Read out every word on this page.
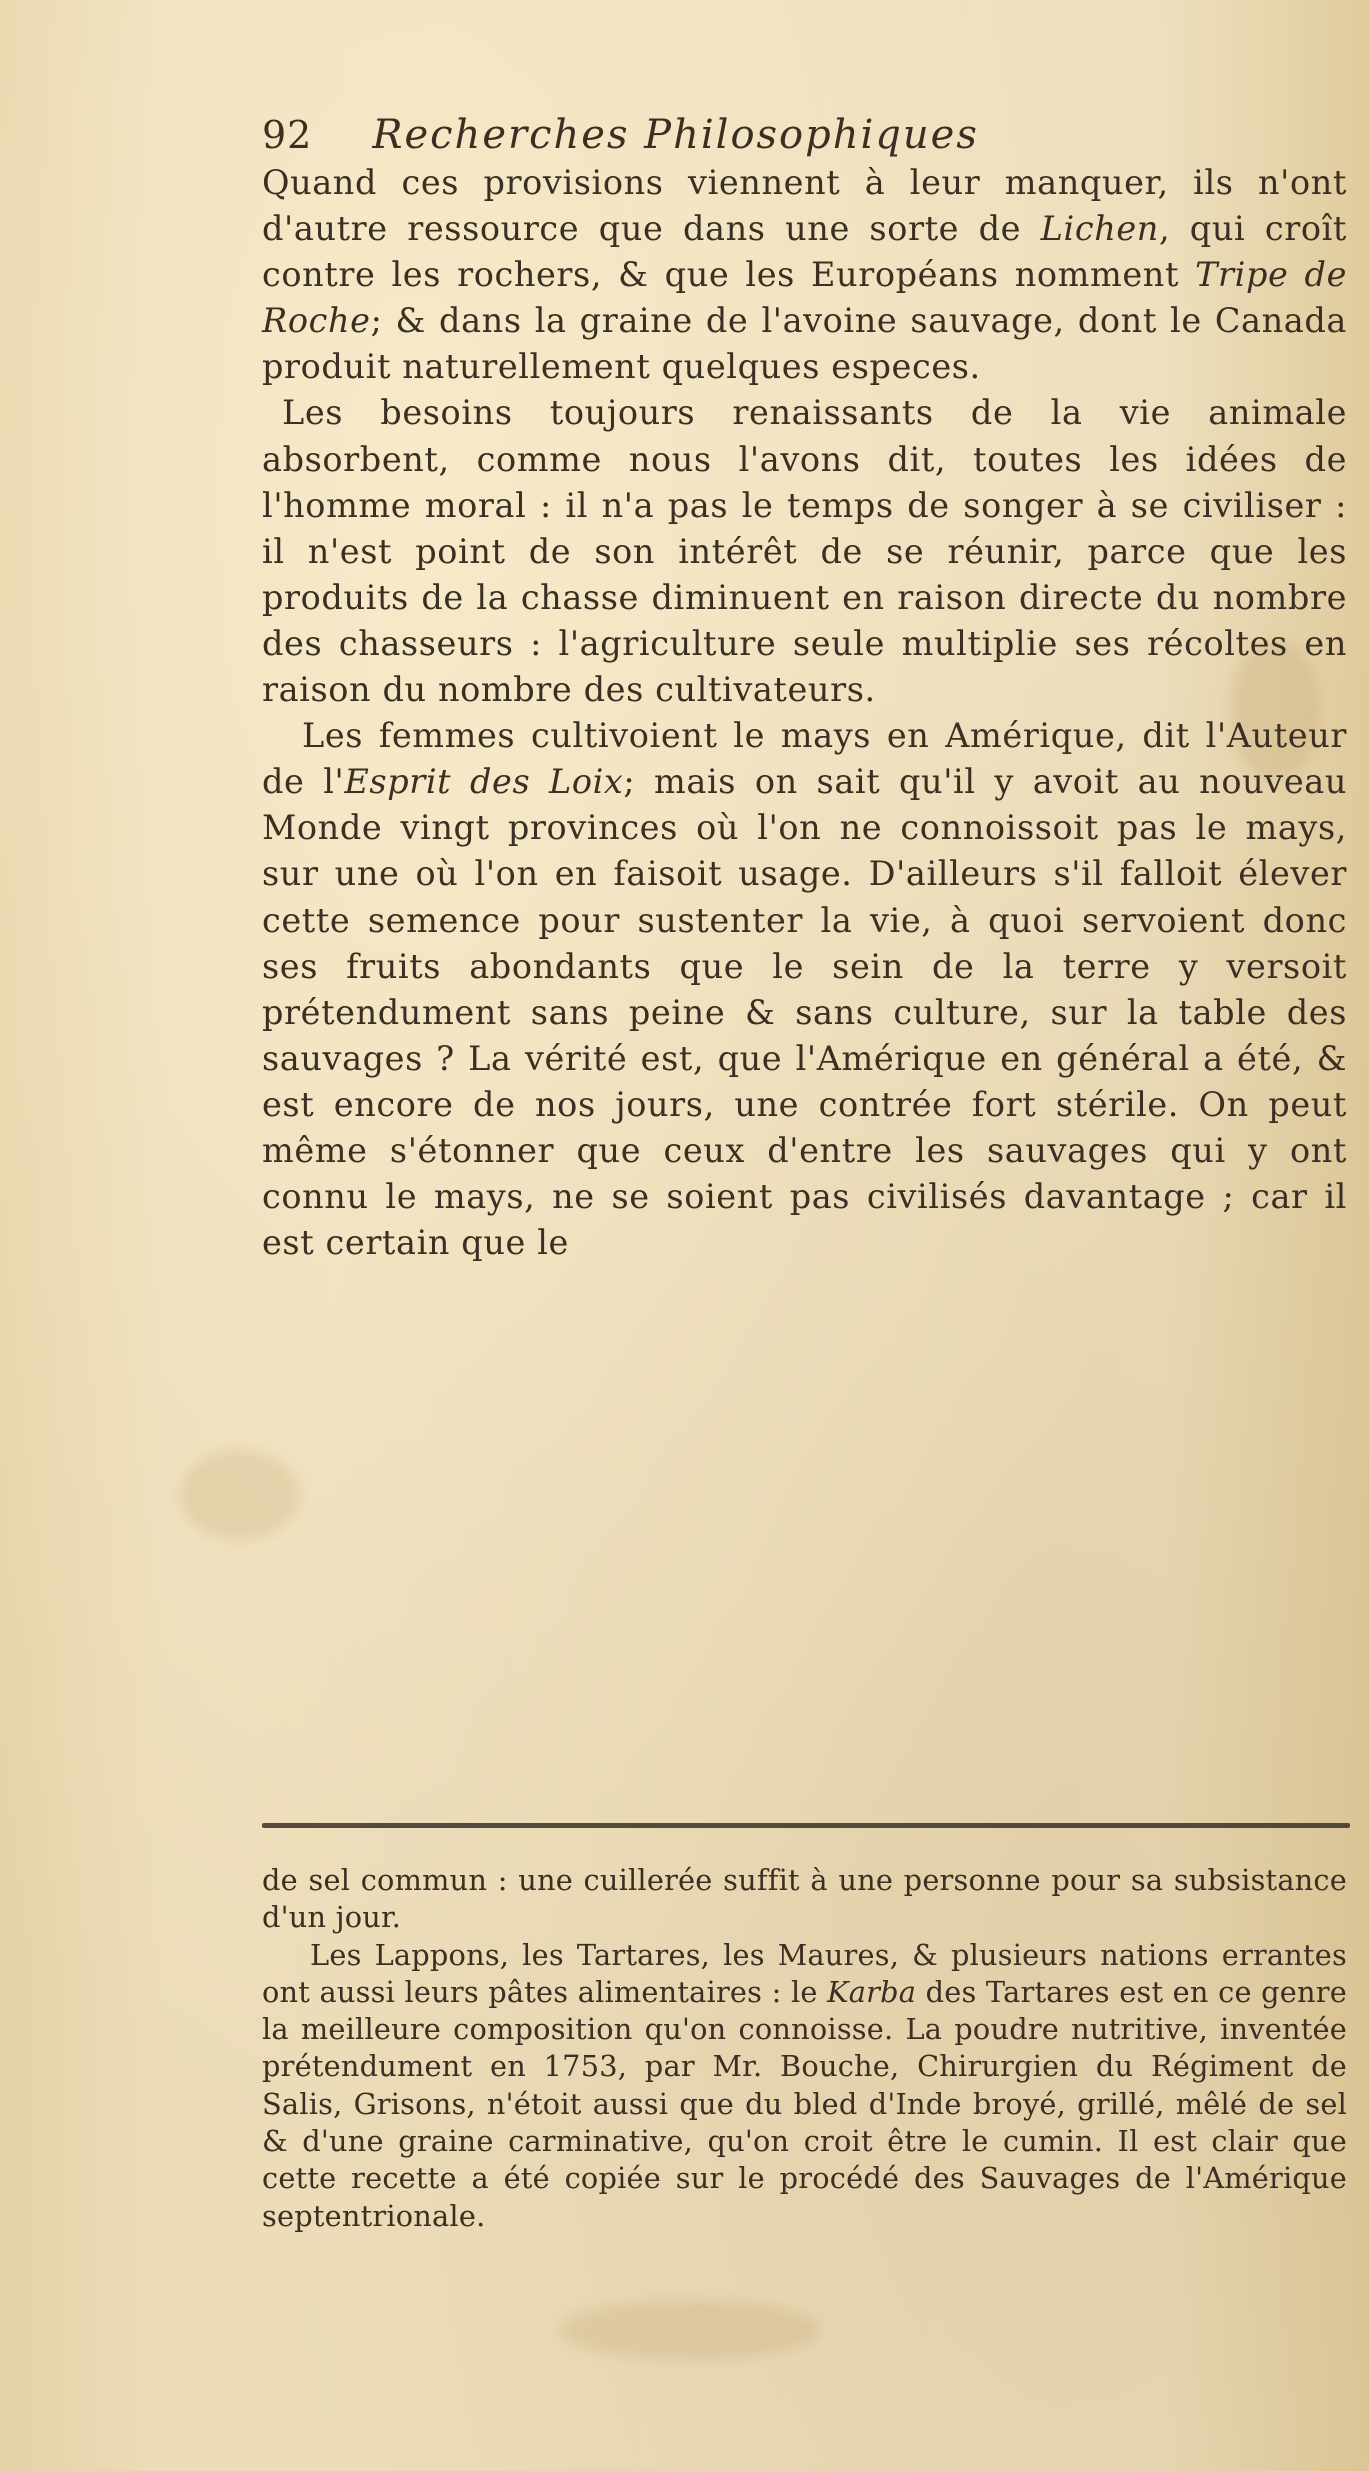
92 Recherches Philosophiques

Quand ces provisions viennent à leur manquer, ils n'ont d'autre ressource que dans une sorte de Lichen, qui croît contre les rochers, & que les Européans nomment Tripe de Roche; & dans la graine de l'avoine sauvage, dont le Canada produit naturellement quelques especes.

Les besoins toujours renaissants de la vie animale absorbent, comme nous l'avons dit, toutes les idées de l'homme moral : il n'a pas le temps de songer à se civiliser : il n'est point de son intérêt de se réunir, parce que les produits de la chasse diminuent en raison directe du nombre des chasseurs : l'agriculture seule multiplie ses récoltes en raison du nombre des cultivateurs.

Les femmes cultivoient le mays en Amérique, dit l'Auteur de l'Esprit des Loix; mais on sait qu'il y avoit au nouveau Monde vingt provinces où l'on ne connoissoit pas le mays, sur une où l'on en faisoit usage. D'ailleurs s'il falloit élever cette semence pour sustenter la vie, à quoi servoient donc ses fruits abondants que le sein de la terre y versoit prétendument sans peine & sans culture, sur la table des sauvages ? La vérité est, que l'Amérique en général a été, & est encore de nos jours, une contrée fort stérile. On peut même s'étonner que ceux d'entre les sauvages qui y ont connu le mays, ne se soient pas civilisés davantage ; car il est certain que le

de sel commun : une cuillerée suffit à une personne pour sa subsistance d'un jour.

Les Lappons, les Tartares, les Maures, & plusieurs nations errantes ont aussi leurs pâtes alimentaires : le Karba des Tartares est en ce genre la meilleure composition qu'on connoisse. La poudre nutritive, inventée prétendument en 1753, par Mr. Bouche, Chirurgien du Régiment de Salis, Grisons, n'étoit aussi que du bled d'Inde broyé, grillé, mêlé de sel & d'une graine carminative, qu'on croit être le cumin. Il est clair que cette recette a été copiée sur le procédé des Sauvages de l'Amérique septentrionale.
